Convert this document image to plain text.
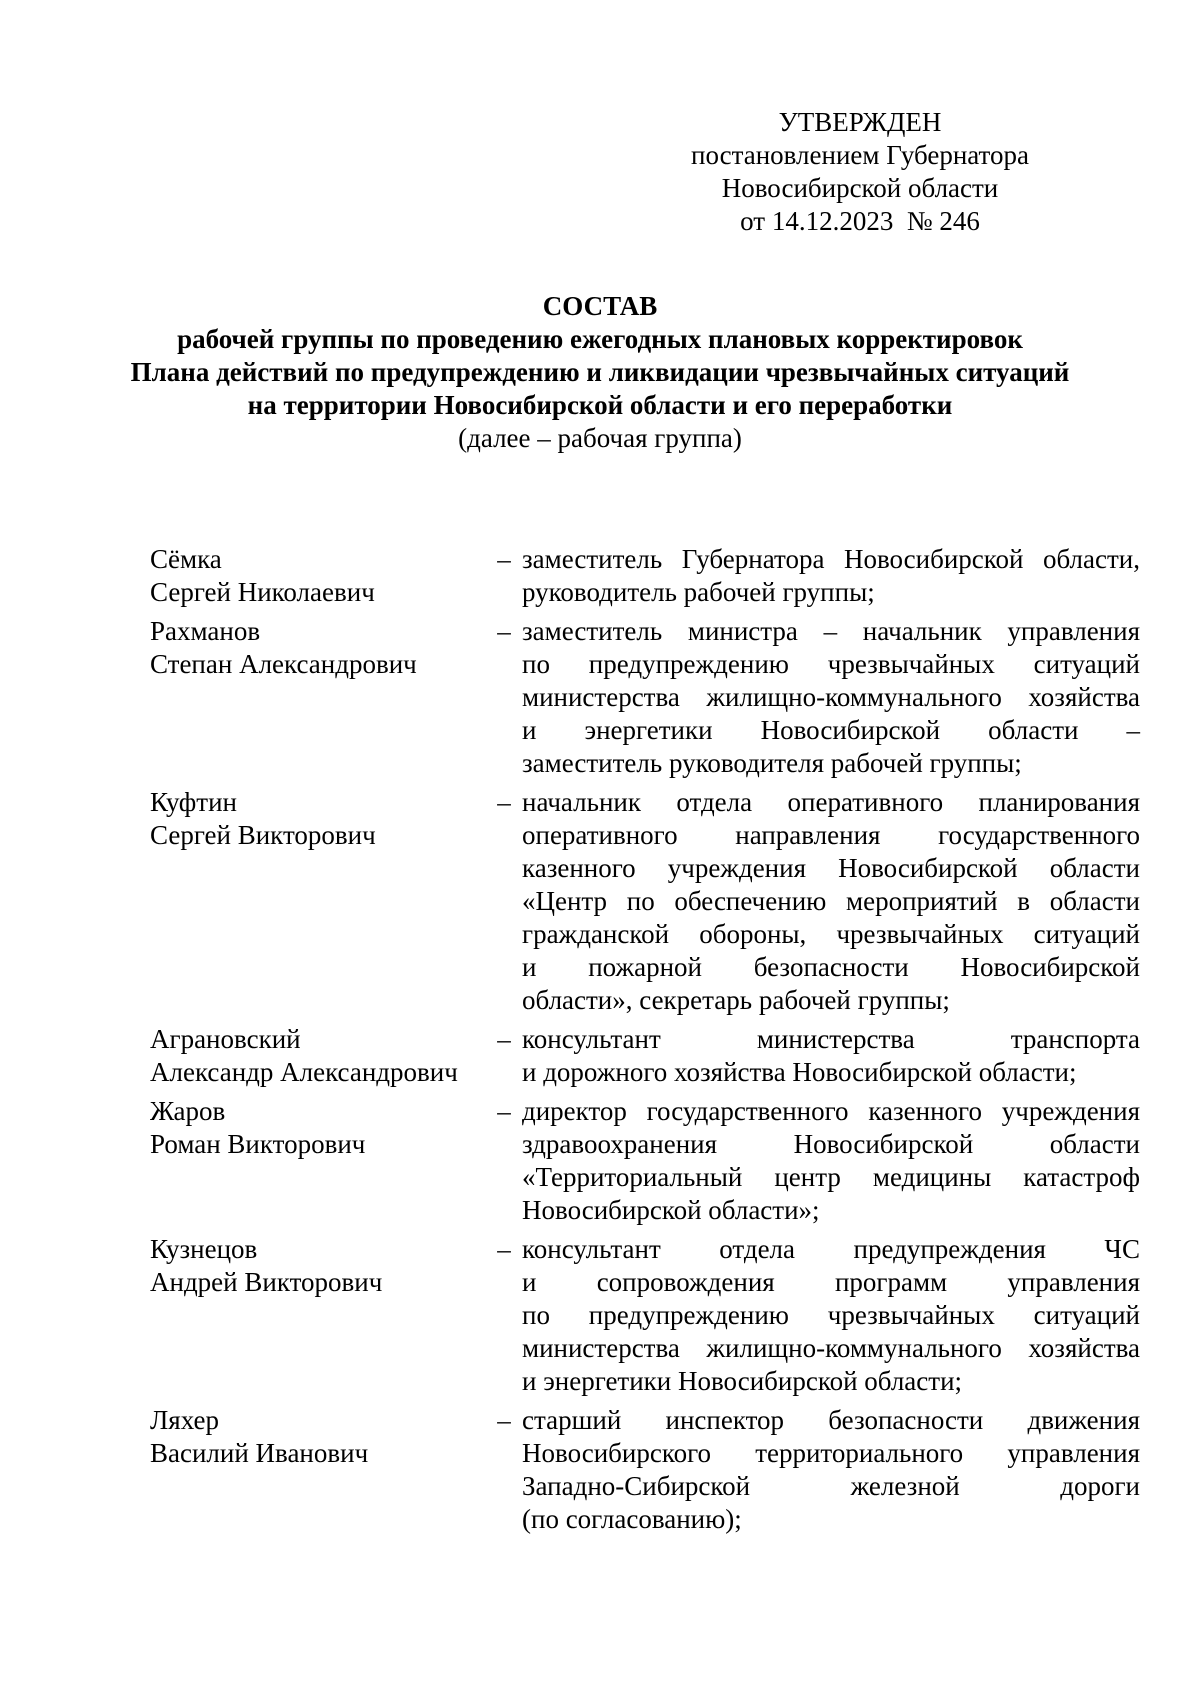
УТВЕРЖДЕН
постановлением Губернатора
Новосибирской области
от 14.12.2023  № 246
СОСТАВ
рабочей группы по проведению ежегодных плановых корректировок
Плана действий по предупреждению и ликвидации чрезвычайных ситуаций
на территории Новосибирской области и его переработки
(далее – рабочая группа)
Сёмка
Сергей Николаевич
– заместитель Губернатора Новосибирской области,
руководитель рабочей группы;
Рахманов
Степан Александрович
– заместитель министра – начальник управления
по предупреждению чрезвычайных ситуаций
министерства жилищно-коммунального хозяйства
и энергетики Новосибирской области –
заместитель руководителя рабочей группы;
Куфтин
Сергей Викторович
– начальник отдела оперативного планирования
оперативного направления государственного
казенного учреждения Новосибирской области
«Центр по обеспечению мероприятий в области
гражданской обороны, чрезвычайных ситуаций
и пожарной безопасности Новосибирской
области», секретарь рабочей группы;
Аграновский
Александр Александрович
– консультант министерства транспорта
и дорожного хозяйства Новосибирской области;
Жаров
Роман Викторович
– директор государственного казенного учреждения
здравоохранения Новосибирской области
«Территориальный центр медицины катастроф
Новосибирской области»;
Кузнецов
Андрей Викторович
– консультант отдела предупреждения ЧС
и сопровождения программ управления
по предупреждению чрезвычайных ситуаций
министерства жилищно-коммунального хозяйства
и энергетики Новосибирской области;
Ляхер
Василий Иванович
– старший инспектор безопасности движения
Новосибирского территориального управления
Западно-Сибирской железной дороги
(по согласованию);
